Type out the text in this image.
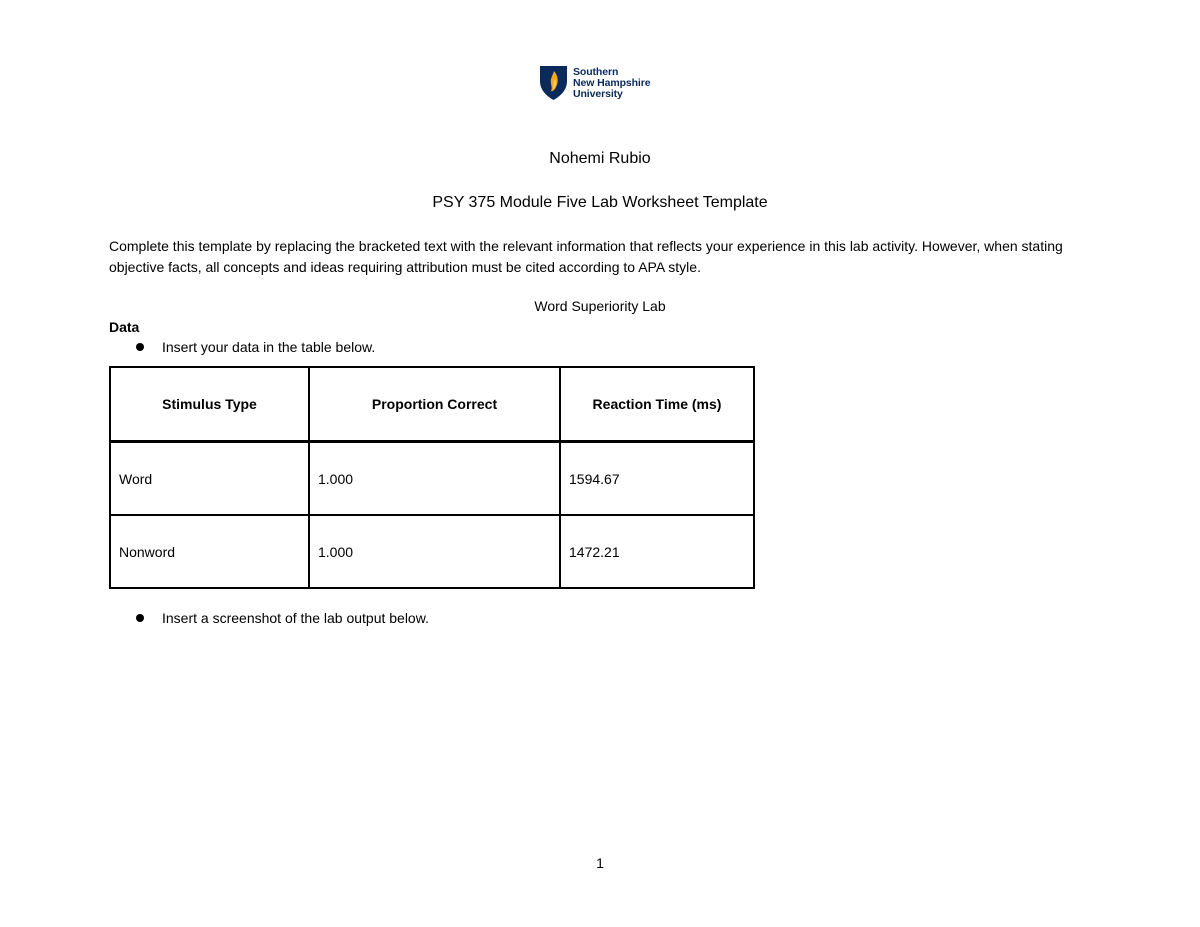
Southern
New Hampshire
University
Nohemi Rubio
PSY 375 Module Five Lab Worksheet Template
Complete this template by replacing the bracketed text with the relevant information that reflects your experience in this lab activity. However, when stating objective facts, all concepts and ideas requiring attribution must be cited according to APA style.
Word Superiority Lab
Data
Insert your data in the table below.
Stimulus Type	Proportion Correct	Reaction Time (ms)
Word	1.000	1594.67
Nonword	1.000	1472.21
Insert a screenshot of the lab output below.
1
